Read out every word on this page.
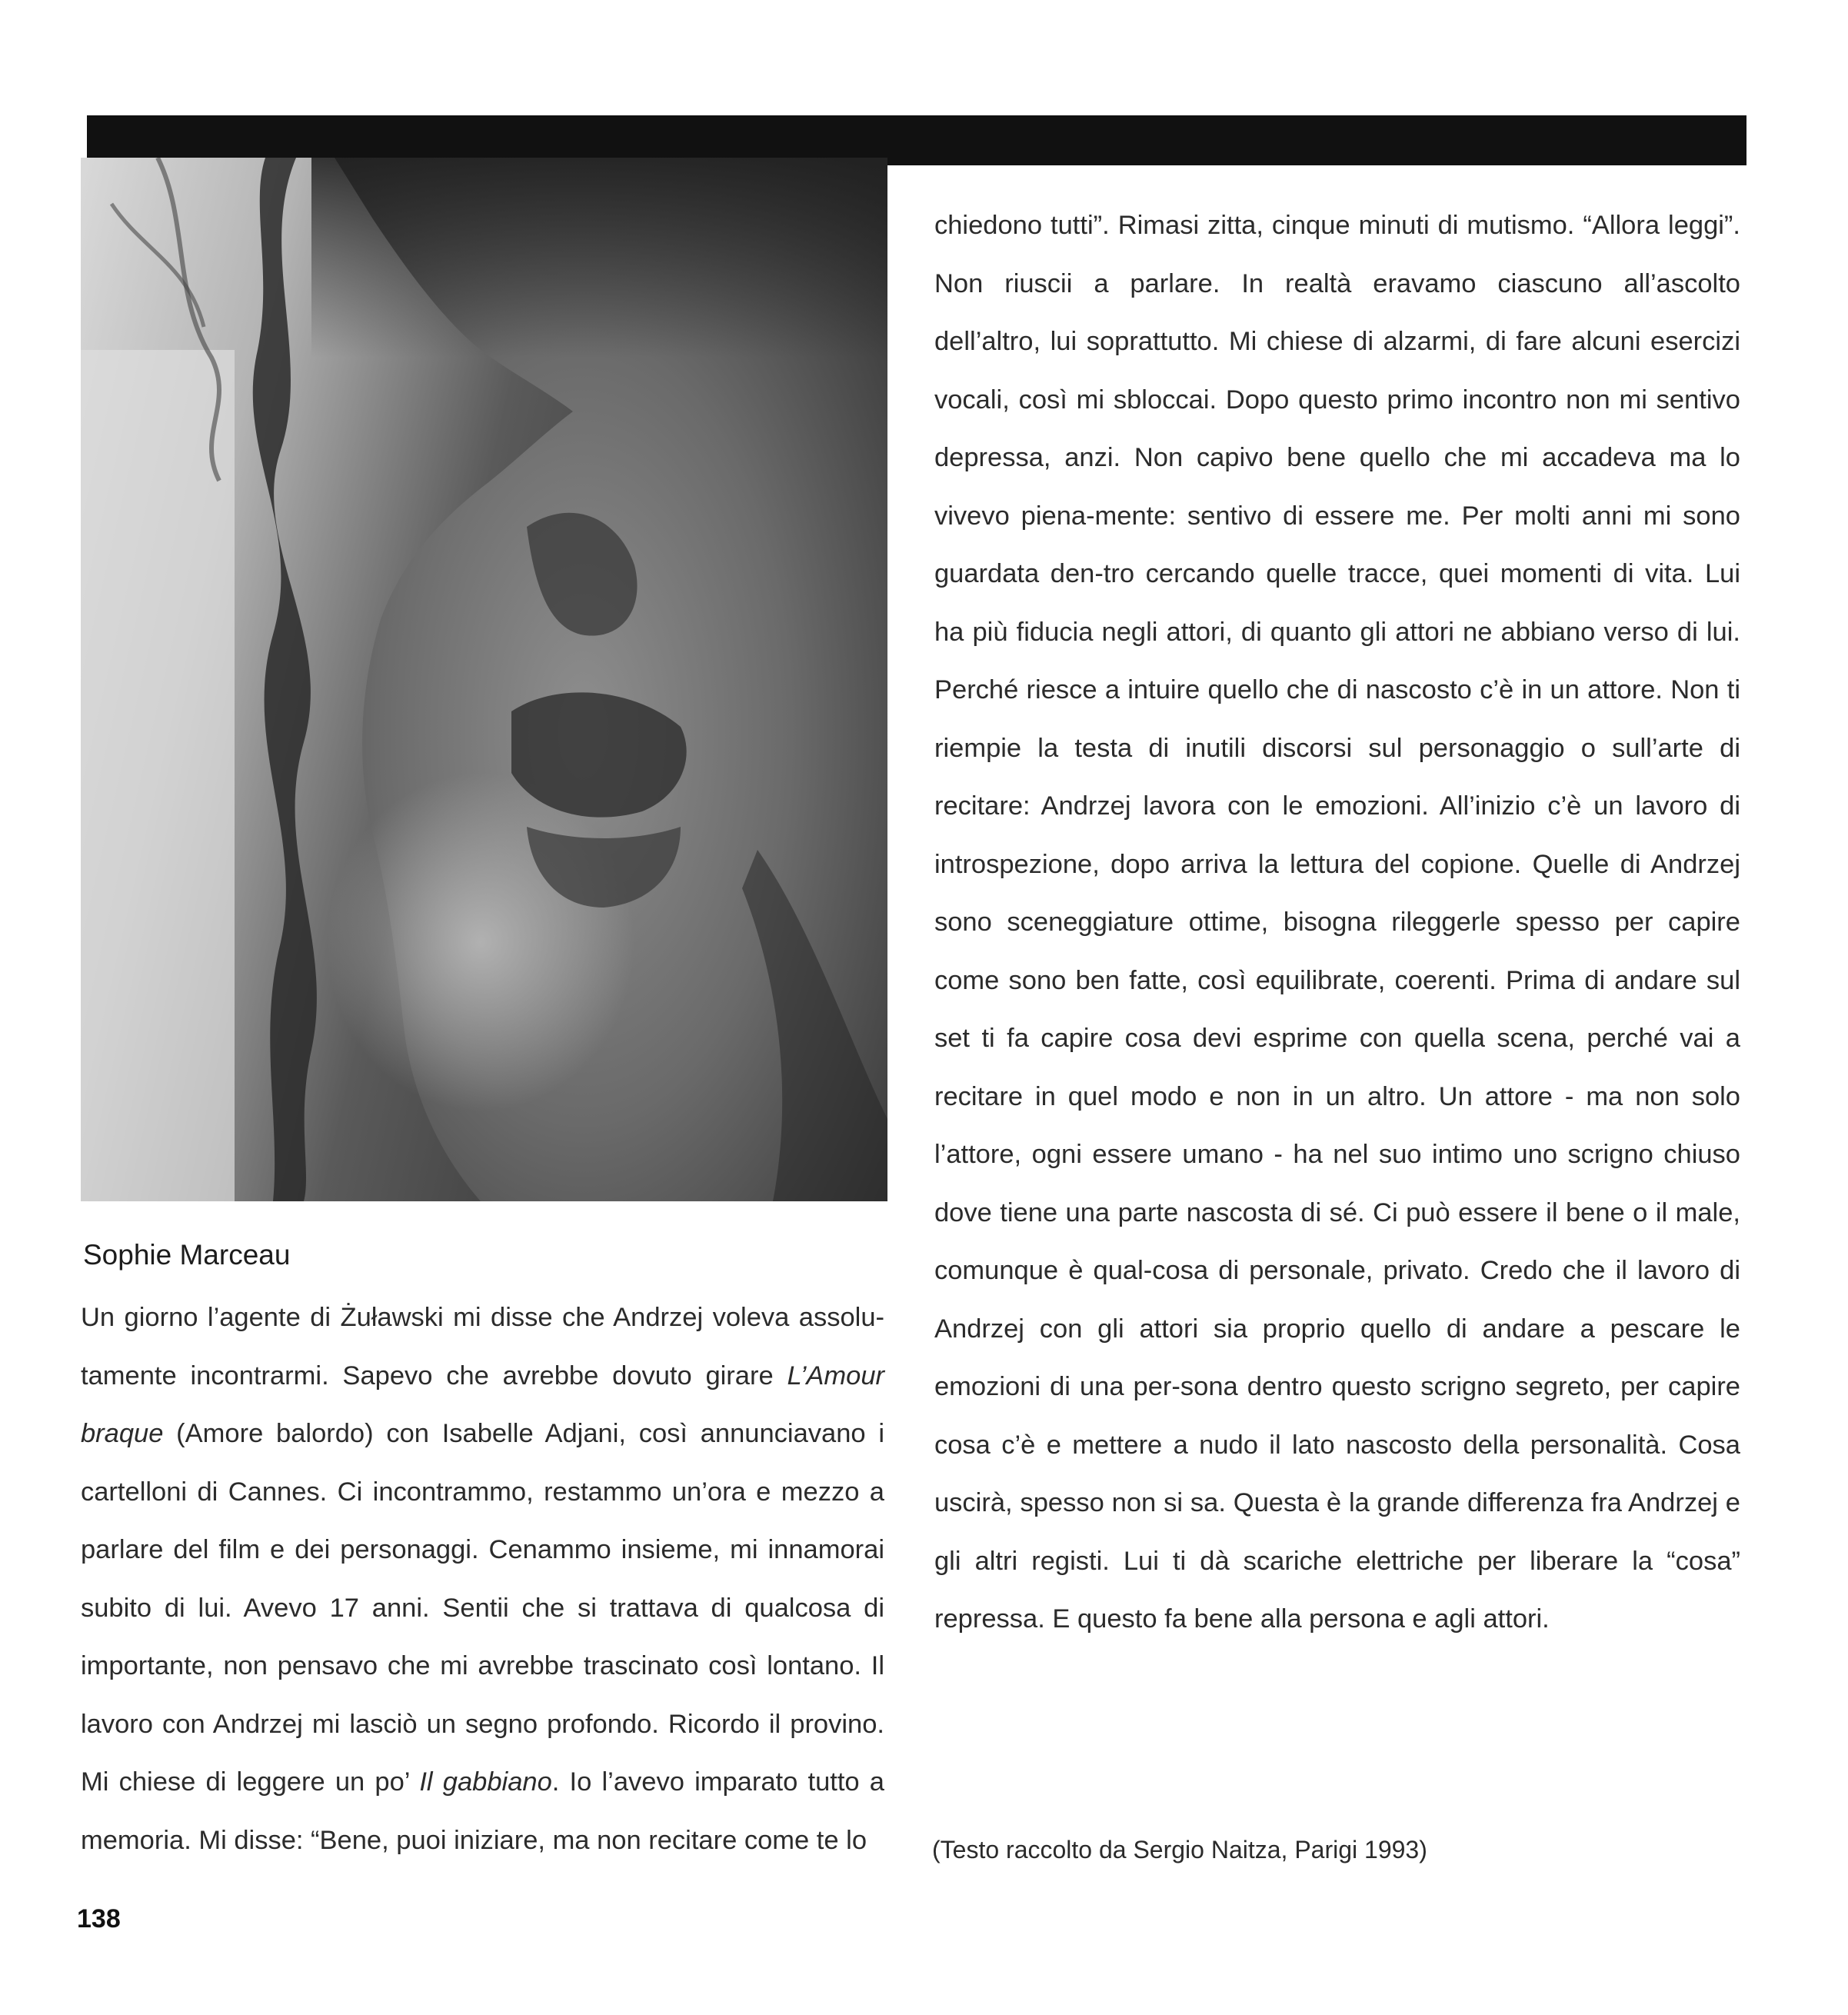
Sophie Marceau

Un giorno l’agente di Żuławski mi disse che Andrzej voleva assolu-tamente incontrarmi. Sapevo che avrebbe dovuto girare L’Amour braque (Amore balordo) con Isabelle Adjani, così annunciavano i cartelloni di Cannes. Ci incontrammo, restammo un’ora e mezzo a parlare del film e dei personaggi. Cenammo insieme, mi innamorai subito di lui. Avevo 17 anni. Sentii che si trattava di qualcosa di importante, non pensavo che mi avrebbe trascinato così lontano. Il lavoro con Andrzej mi lasciò un segno profondo. Ricordo il provino. Mi chiese di leggere un po’ Il gabbiano. Io l’avevo imparato tutto a memoria. Mi disse: “Bene, puoi iniziare, ma non recitare come te lo

chiedono tutti”. Rimasi zitta, cinque minuti di mutismo. “Allora leggi”. Non riuscii a parlare. In realtà eravamo ciascuno all’ascolto dell’altro, lui soprattutto. Mi chiese di alzarmi, di fare alcuni esercizi vocali, così mi sbloccai. Dopo questo primo incontro non mi sentivo depressa, anzi. Non capivo bene quello che mi accadeva ma lo vivevo piena-mente: sentivo di essere me. Per molti anni mi sono guardata den-tro cercando quelle tracce, quei momenti di vita. Lui ha più fiducia negli attori, di quanto gli attori ne abbiano verso di lui. Perché riesce a intuire quello che di nascosto c’è in un attore. Non ti riempie la testa di inutili discorsi sul personaggio o sull’arte di recitare: Andrzej lavora con le emozioni. All’inizio c’è un lavoro di introspezione, dopo arriva la lettura del copione. Quelle di Andrzej sono sceneggiature ottime, bisogna rileggerle spesso per capire come sono ben fatte, così equilibrate, coerenti. Prima di andare sul set ti fa capire cosa devi esprime con quella scena, perché vai a recitare in quel modo e non in un altro. Un attore - ma non solo l’attore, ogni essere umano - ha nel suo intimo uno scrigno chiuso dove tiene una parte nascosta di sé. Ci può essere il bene o il male, comunque è qual-cosa di personale, privato. Credo che il lavoro di Andrzej con gli attori sia proprio quello di andare a pescare le emozioni di una per-sona dentro questo scrigno segreto, per capire cosa c’è e mettere a nudo il lato nascosto della personalità. Cosa uscirà, spesso non si sa. Questa è la grande differenza fra Andrzej e gli altri registi. Lui ti dà scariche elettriche per liberare la “cosa” repressa. E questo fa bene alla persona e agli attori.

(Testo raccolto da Sergio Naitza, Parigi 1993)

138
